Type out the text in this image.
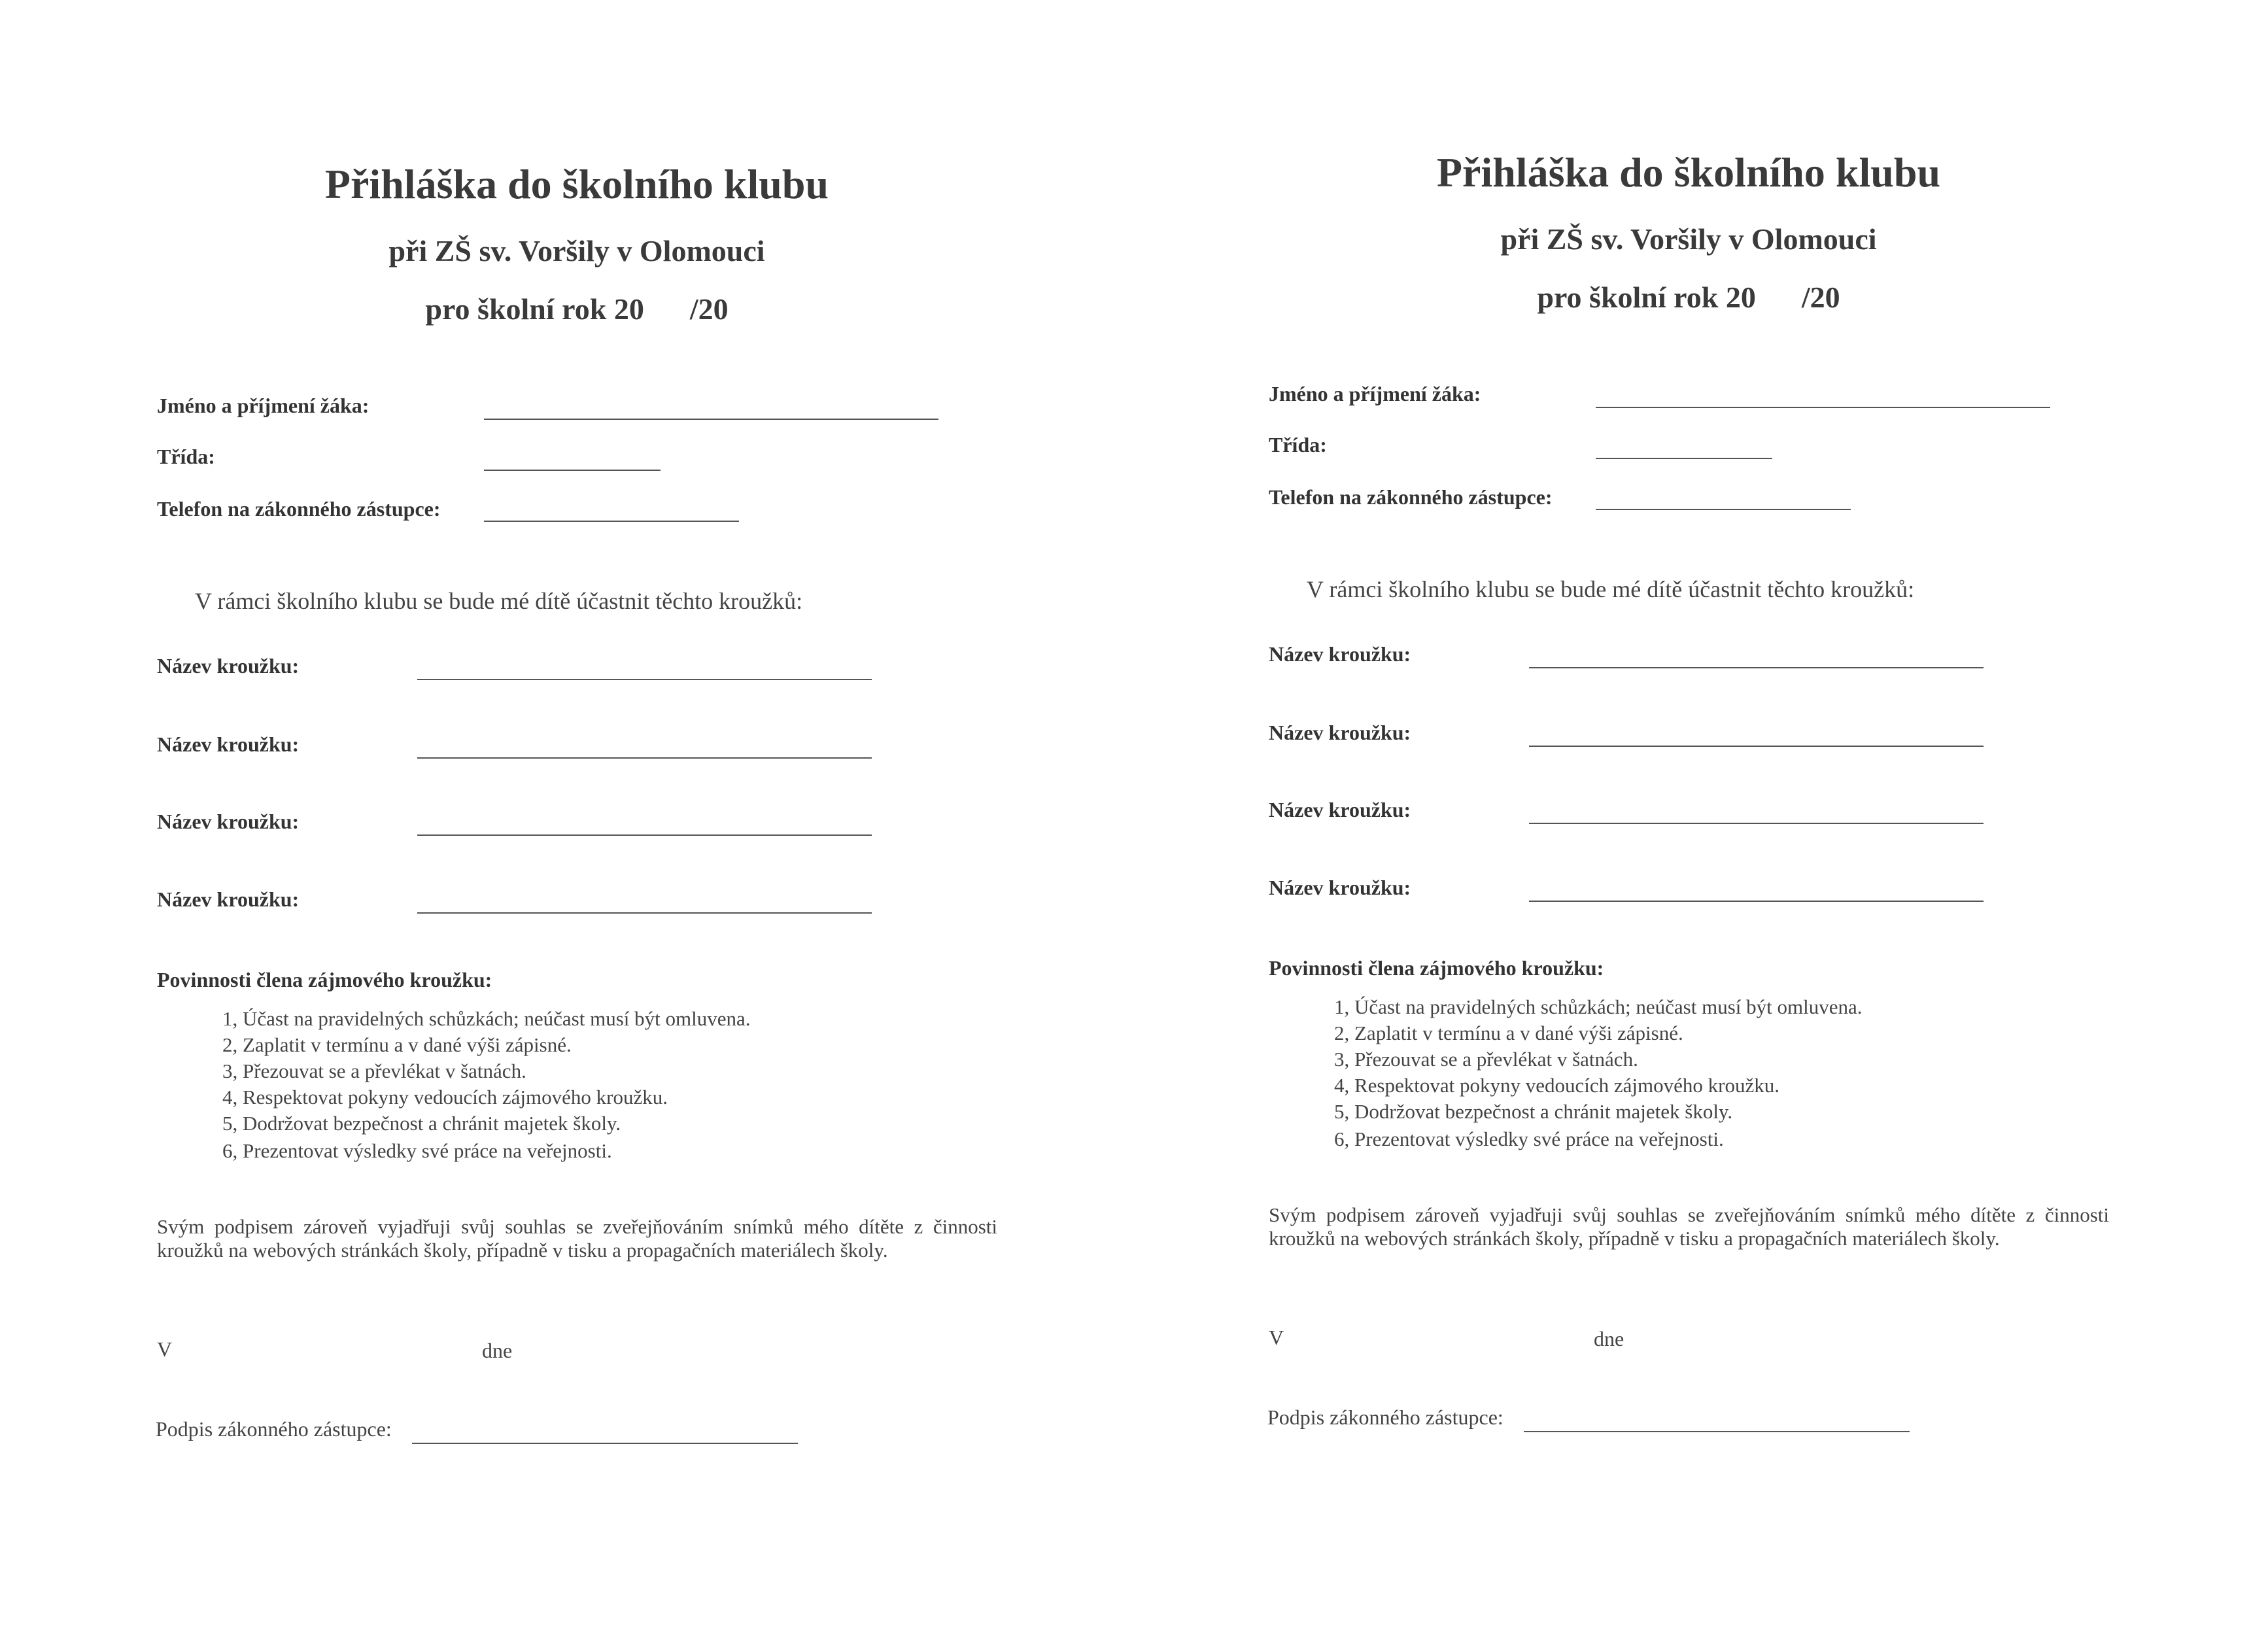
Přihláška do školního klubu
při ZŠ sv. Voršily v Olomouci
pro školní rok 20 /20
Jméno a příjmení žáka:
Třída:
Telefon na zákonného zástupce:
V rámci školního klubu se bude mé dítě účastnit těchto kroužků:
Název kroužku:
Název kroužku:
Název kroužku:
Název kroužku:
Povinnosti člena zájmového kroužku:
1, Účast na pravidelných schůzkách; neúčast musí být omluvena.
2, Zaplatit v termínu a v dané výši zápisné.
3, Přezouvat se a převlékat v šatnách.
4, Respektovat pokyny vedoucích zájmového kroužku.
5, Dodržovat bezpečnost a chránit majetek školy.
6, Prezentovat výsledky své práce na veřejnosti.
Svým podpisem zároveň vyjadřuji svůj souhlas se zveřejňováním snímků mého dítěte z činnosti kroužků na webových stránkách školy, případně v tisku a propagačních materiálech školy.
V	dne
Podpis zákonného zástupce:
Přihláška do školního klubu
při ZŠ sv. Voršily v Olomouci
pro školní rok 20 /20
Jméno a příjmení žáka:
Třída:
Telefon na zákonného zástupce:
V rámci školního klubu se bude mé dítě účastnit těchto kroužků:
Název kroužku:
Název kroužku:
Název kroužku:
Název kroužku:
Povinnosti člena zájmového kroužku:
1, Účast na pravidelných schůzkách; neúčast musí být omluvena.
2, Zaplatit v termínu a v dané výši zápisné.
3, Přezouvat se a převlékat v šatnách.
4, Respektovat pokyny vedoucích zájmového kroužku.
5, Dodržovat bezpečnost a chránit majetek školy.
6, Prezentovat výsledky své práce na veřejnosti.
Svým podpisem zároveň vyjadřuji svůj souhlas se zveřejňováním snímků mého dítěte z činnosti kroužků na webových stránkách školy, případně v tisku a propagačních materiálech školy.
V	dne
Podpis zákonného zástupce:
